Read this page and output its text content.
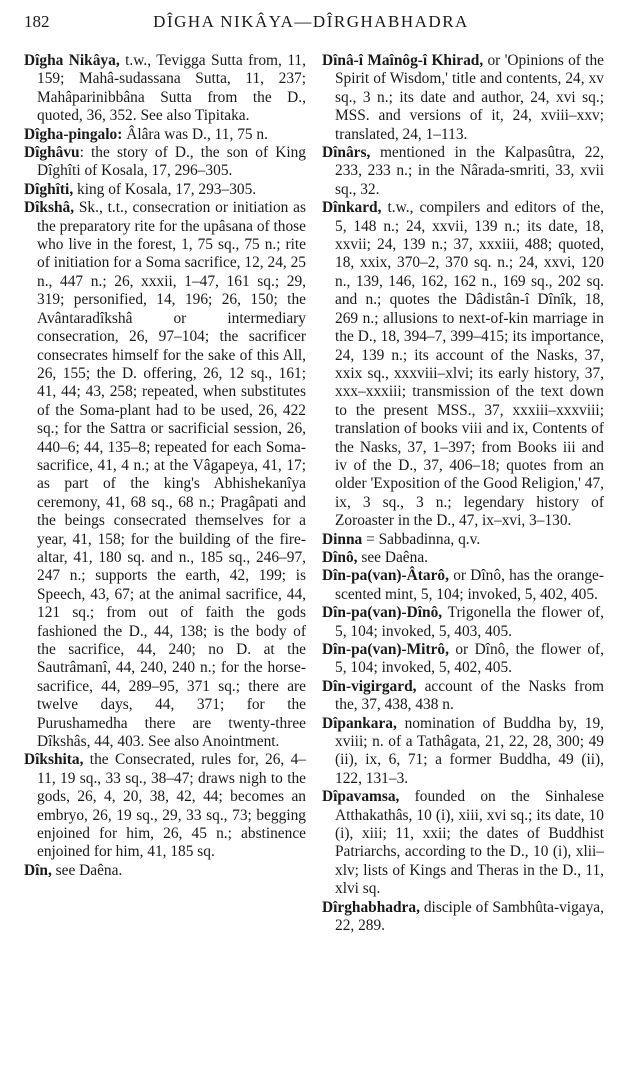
182	DÎGHA NIKÂYA—DÎRGHABHADRA

Dîgha Nikâya, t.w., Tevigga Sutta from, 11, 159; Mahâ-sudassana Sutta, 11, 237; Mahâparinibbâna Sutta from the D., quoted, 36, 352. See also Tipitaka.

Dîgha-pingalo: Âlâra was D., 11, 75 n.

Dîghâvu: the story of D., the son of King Dîghîti of Kosala, 17, 296–305.

Dîghîti, king of Kosala, 17, 293–305.

Dîkshâ, Sk., t.t., consecration or initiation as the preparatory rite for the upâsana of those who live in the forest, 1, 75 sq., 75 n.; rite of initiation for a Soma sacrifice, 12, 24, 25 n., 447 n.; 26, xxxii, 1–47, 161 sq.; 29, 319; personified, 14, 196; 26, 150; the Avântaradîkshâ or intermediary consecration, 26, 97–104; the sacrificer consecrates himself for the sake of this All, 26, 155; the D. offering, 26, 12 sq., 161; 41, 44; 43, 258; repeated, when substitutes of the Soma-plant had to be used, 26, 422 sq.; for the Sattra or sacrificial session, 26, 440–6; 44, 135–8; repeated for each Soma-sacrifice, 41, 4 n.; at the Vâgapeya, 41, 17; as part of the king's Abhishekanîya ceremony, 41, 68 sq., 68 n.; Pragâpati and the beings consecrated themselves for a year, 41, 158; for the building of the fire-altar, 41, 180 sq. and n., 185 sq., 246–97, 247 n.; supports the earth, 42, 199; is Speech, 43, 67; at the animal sacrifice, 44, 121 sq.; from out of faith the gods fashioned the D., 44, 138; is the body of the sacrifice, 44, 240; no D. at the Sautrâmanî, 44, 240, 240 n.; for the horse-sacrifice, 44, 289–95, 371 sq.; there are twelve days, 44, 371; for the Purushamedha there are twenty-three Dîkshâs, 44, 403. See also Anointment.

Dîkshita, the Consecrated, rules for, 26, 4–11, 19 sq., 33 sq., 38–47; draws nigh to the gods, 26, 4, 20, 38, 42, 44; becomes an embryo, 26, 19 sq., 29, 33 sq., 73; begging enjoined for him, 26, 45 n.; abstinence enjoined for him, 41, 185 sq.

Dîn, see Daêna.

Dînâ-î Maînôg-î Khirad, or 'Opinions of the Spirit of Wisdom,' title and contents, 24, xv sq., 3 n.; its date and author, 24, xvi sq.; MSS. and versions of it, 24, xviii–xxv; translated, 24, 1–113.

Dînârs, mentioned in the Kalpasûtra, 22, 233, 233 n.; in the Nârada-smriti, 33, xvii sq., 32.

Dînkard, t.w., compilers and editors of the, 5, 148 n.; 24, xxvii, 139 n.; its date, 18, xxvii; 24, 139 n.; 37, xxxiii, 488; quoted, 18, xxix, 370–2, 370 sq. n.; 24, xxvi, 120 n., 139, 146, 162, 162 n., 169 sq., 202 sq. and n.; quotes the Dâdistân-î Dînîk, 18, 269 n.; allusions to next-of-kin marriage in the D., 18, 394–7, 399–415; its importance, 24, 139 n.; its account of the Nasks, 37, xxix sq., xxxviii–xlvi; its early history, 37, xxx–xxxiii; transmission of the text down to the present MSS., 37, xxxiii–xxxviii; translation of books viii and ix, Contents of the Nasks, 37, 1–397; from Books iii and iv of the D., 37, 406–18; quotes from an older 'Exposition of the Good Religion,' 47, ix, 3 sq., 3 n.; legendary history of Zoroaster in the D., 47, ix–xvi, 3–130.

Dinna = Sabbadinna, q.v.

Dînô, see Daêna.

Dîn-pa(van)-Âtarô, or Dînô, has the orange-scented mint, 5, 104; invoked, 5, 402, 405.

Dîn-pa(van)-Dînô, Trigonella the flower of, 5, 104; invoked, 5, 403, 405.

Dîn-pa(van)-Mitrô, or Dînô, the flower of, 5, 104; invoked, 5, 402, 405.

Dîn-vigirgard, account of the Nasks from the, 37, 438, 438 n.

Dîpankara, nomination of Buddha by, 19, xviii; n. of a Tathâgata, 21, 22, 28, 300; 49 (ii), ix, 6, 71; a former Buddha, 49 (ii), 122, 131–3.

Dîpavamsa, founded on the Sinhalese Atthakathâs, 10 (i), xiii, xvi sq.; its date, 10 (i), xiii; 11, xxii; the dates of Buddhist Patriarchs, according to the D., 10 (i), xlii–xlv; lists of Kings and Theras in the D., 11, xlvi sq.

Dîrghabhadra, disciple of Sambhûta-vigaya, 22, 289.
